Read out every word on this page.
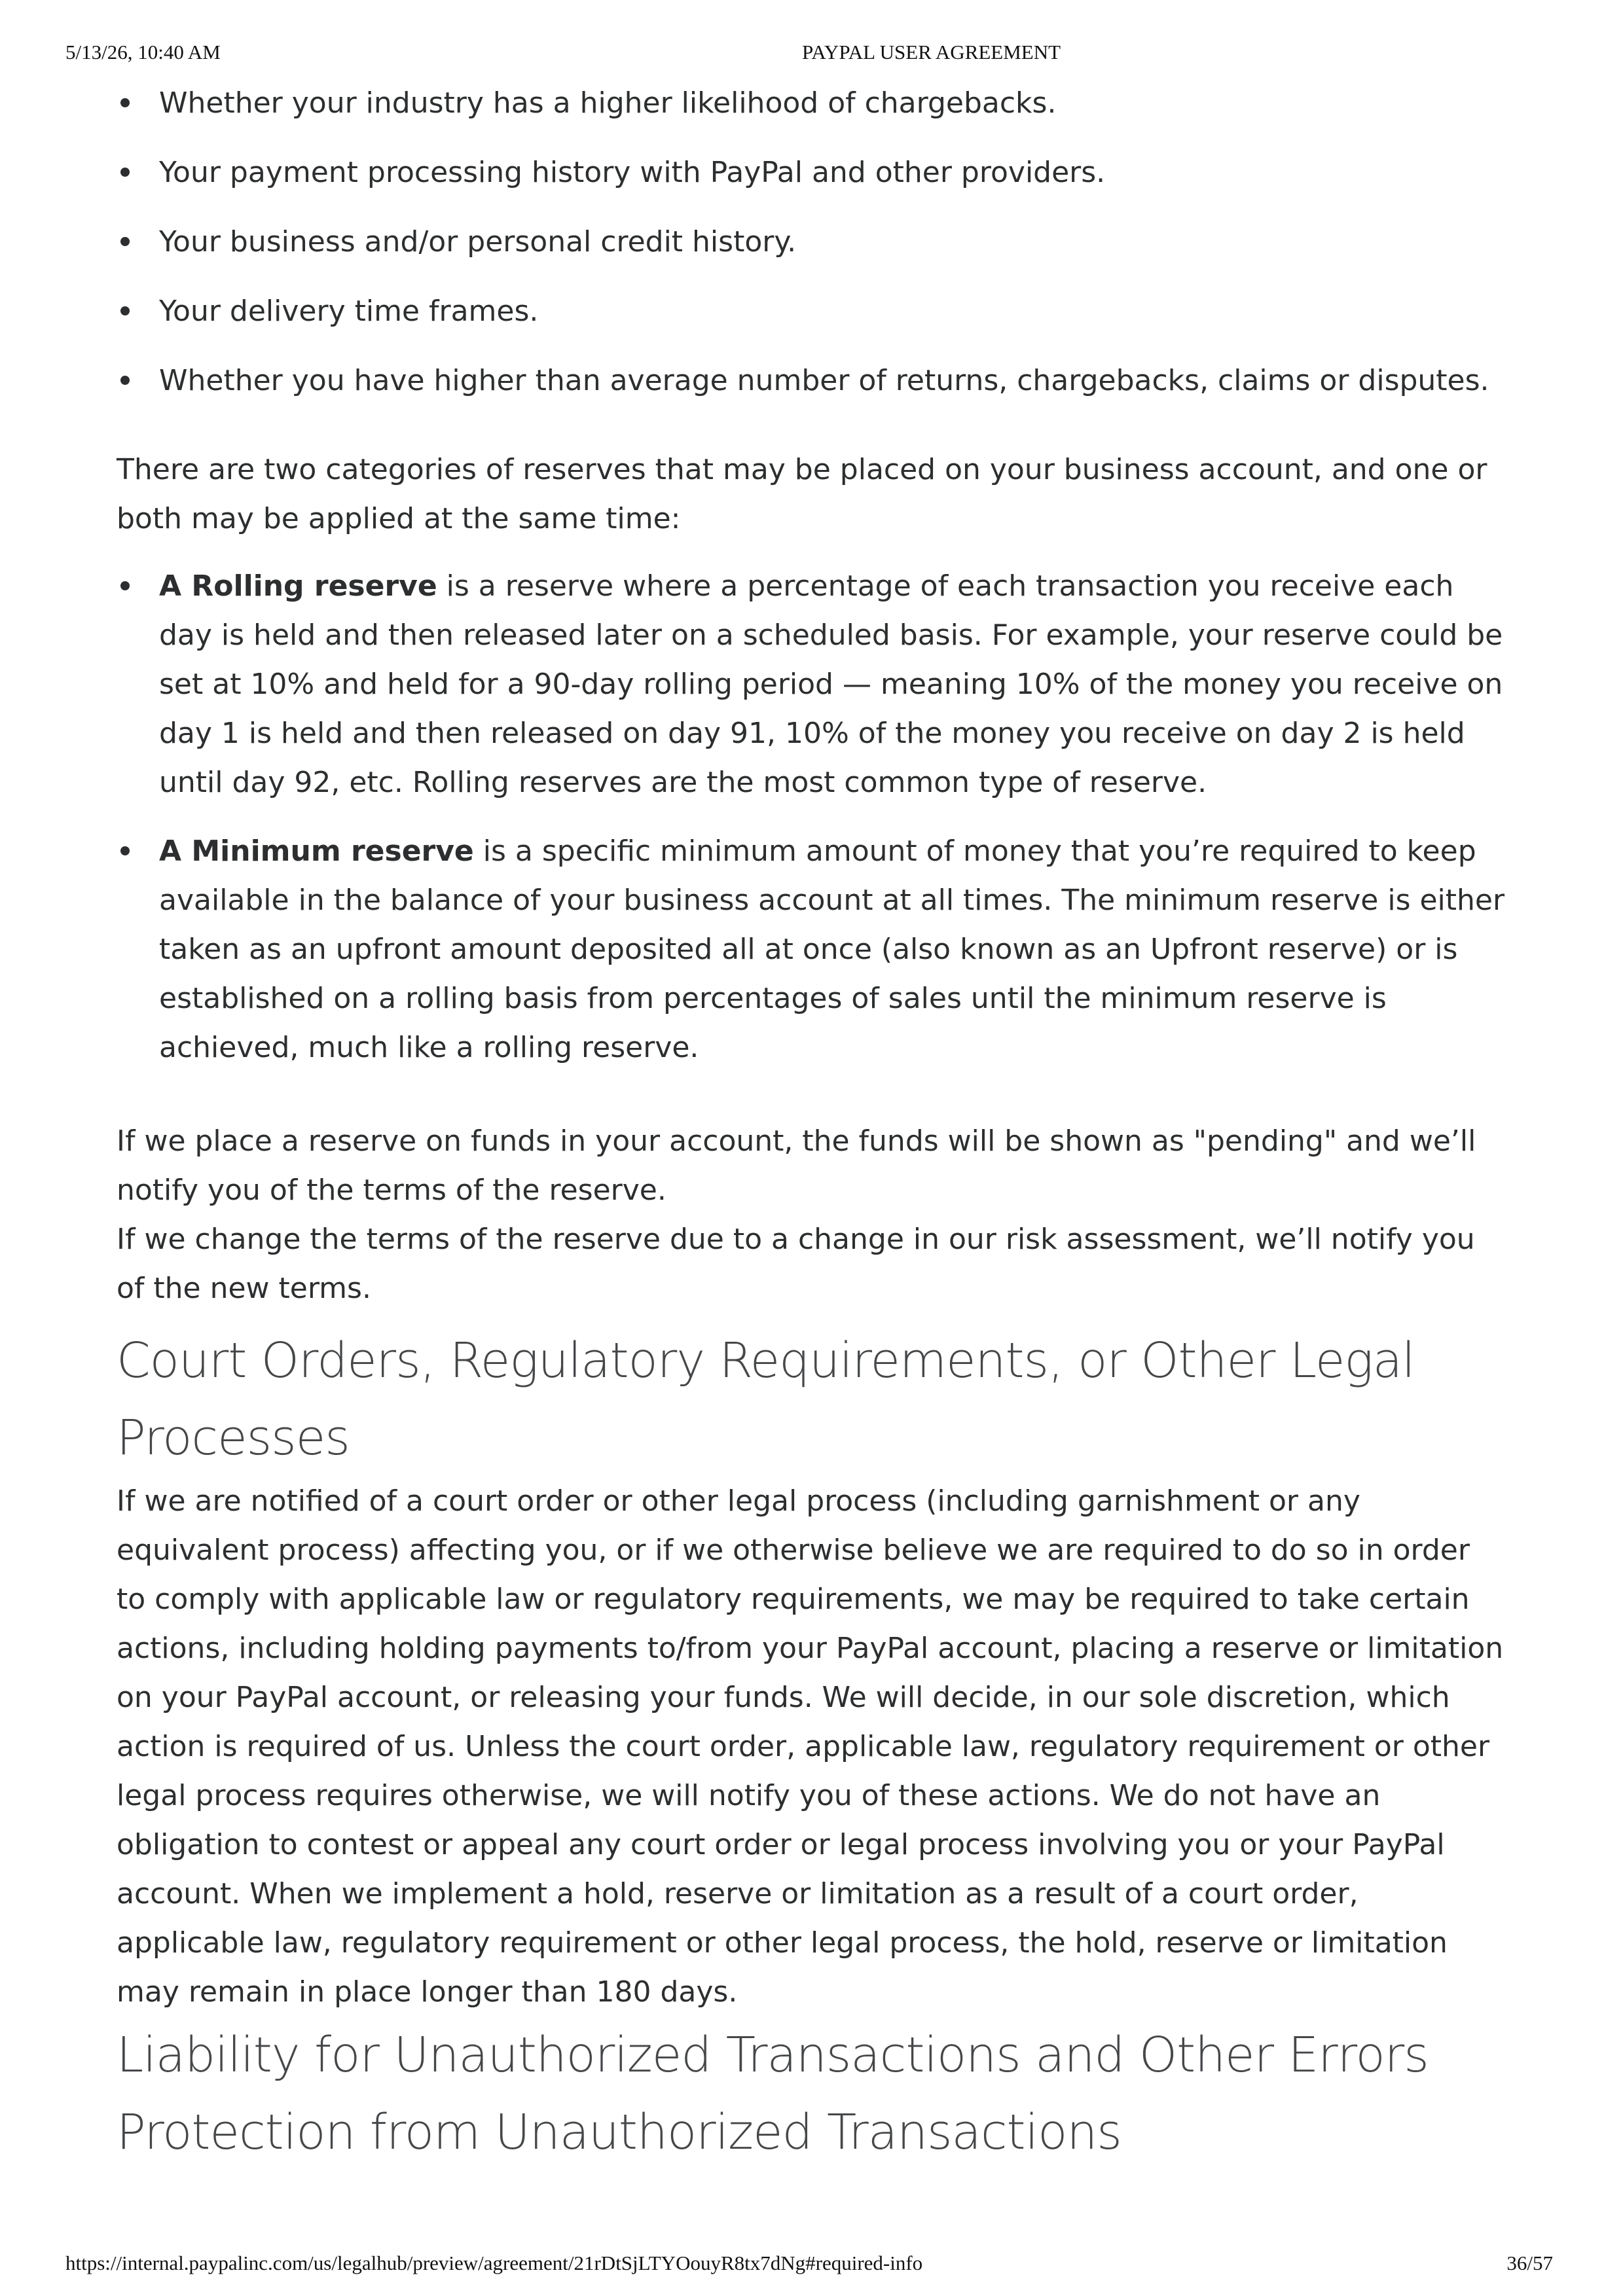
5/13/26, 10:40 AM	PAYPAL USER AGREEMENT
Whether your industry has a higher likelihood of chargebacks.
Your payment processing history with PayPal and other providers.
Your business and/or personal credit history.
Your delivery time frames.
Whether you have higher than average number of returns, chargebacks, claims or disputes.

There are two categories of reserves that may be placed on your business account, and one or both may be applied at the same time:

A Rolling reserve is a reserve where a percentage of each transaction you receive each day is held and then released later on a scheduled basis. For example, your reserve could be set at 10% and held for a 90-day rolling period — meaning 10% of the money you receive on day 1 is held and then released on day 91, 10% of the money you receive on day 2 is held until day 92, etc. Rolling reserves are the most common type of reserve.
A Minimum reserve is a specific minimum amount of money that you’re required to keep available in the balance of your business account at all times. The minimum reserve is either taken as an upfront amount deposited all at once (also known as an Upfront reserve) or is established on a rolling basis from percentages of sales until the minimum reserve is achieved, much like a rolling reserve.

If we place a reserve on funds in your account, the funds will be shown as "pending" and we’ll notify you of the terms of the reserve.

If we change the terms of the reserve due to a change in our risk assessment, we’ll notify you of the new terms.

Court Orders, Regulatory Requirements, or Other Legal Processes

If we are notified of a court order or other legal process (including garnishment or any equivalent process) affecting you, or if we otherwise believe we are required to do so in order to comply with applicable law or regulatory requirements, we may be required to take certain actions, including holding payments to/from your PayPal account, placing a reserve or limitation on your PayPal account, or releasing your funds. We will decide, in our sole discretion, which action is required of us. Unless the court order, applicable law, regulatory requirement or other legal process requires otherwise, we will notify you of these actions. We do not have an obligation to contest or appeal any court order or legal process involving you or your PayPal account. When we implement a hold, reserve or limitation as a result of a court order, applicable law, regulatory requirement or other legal process, the hold, reserve or limitation may remain in place longer than 180 days.

Liability for Unauthorized Transactions and Other Errors
Protection from Unauthorized Transactions
https://internal.paypalinc.com/us/legalhub/preview/agreement/21rDtSjLTYOouyR8tx7dNg#required-info	36/57
